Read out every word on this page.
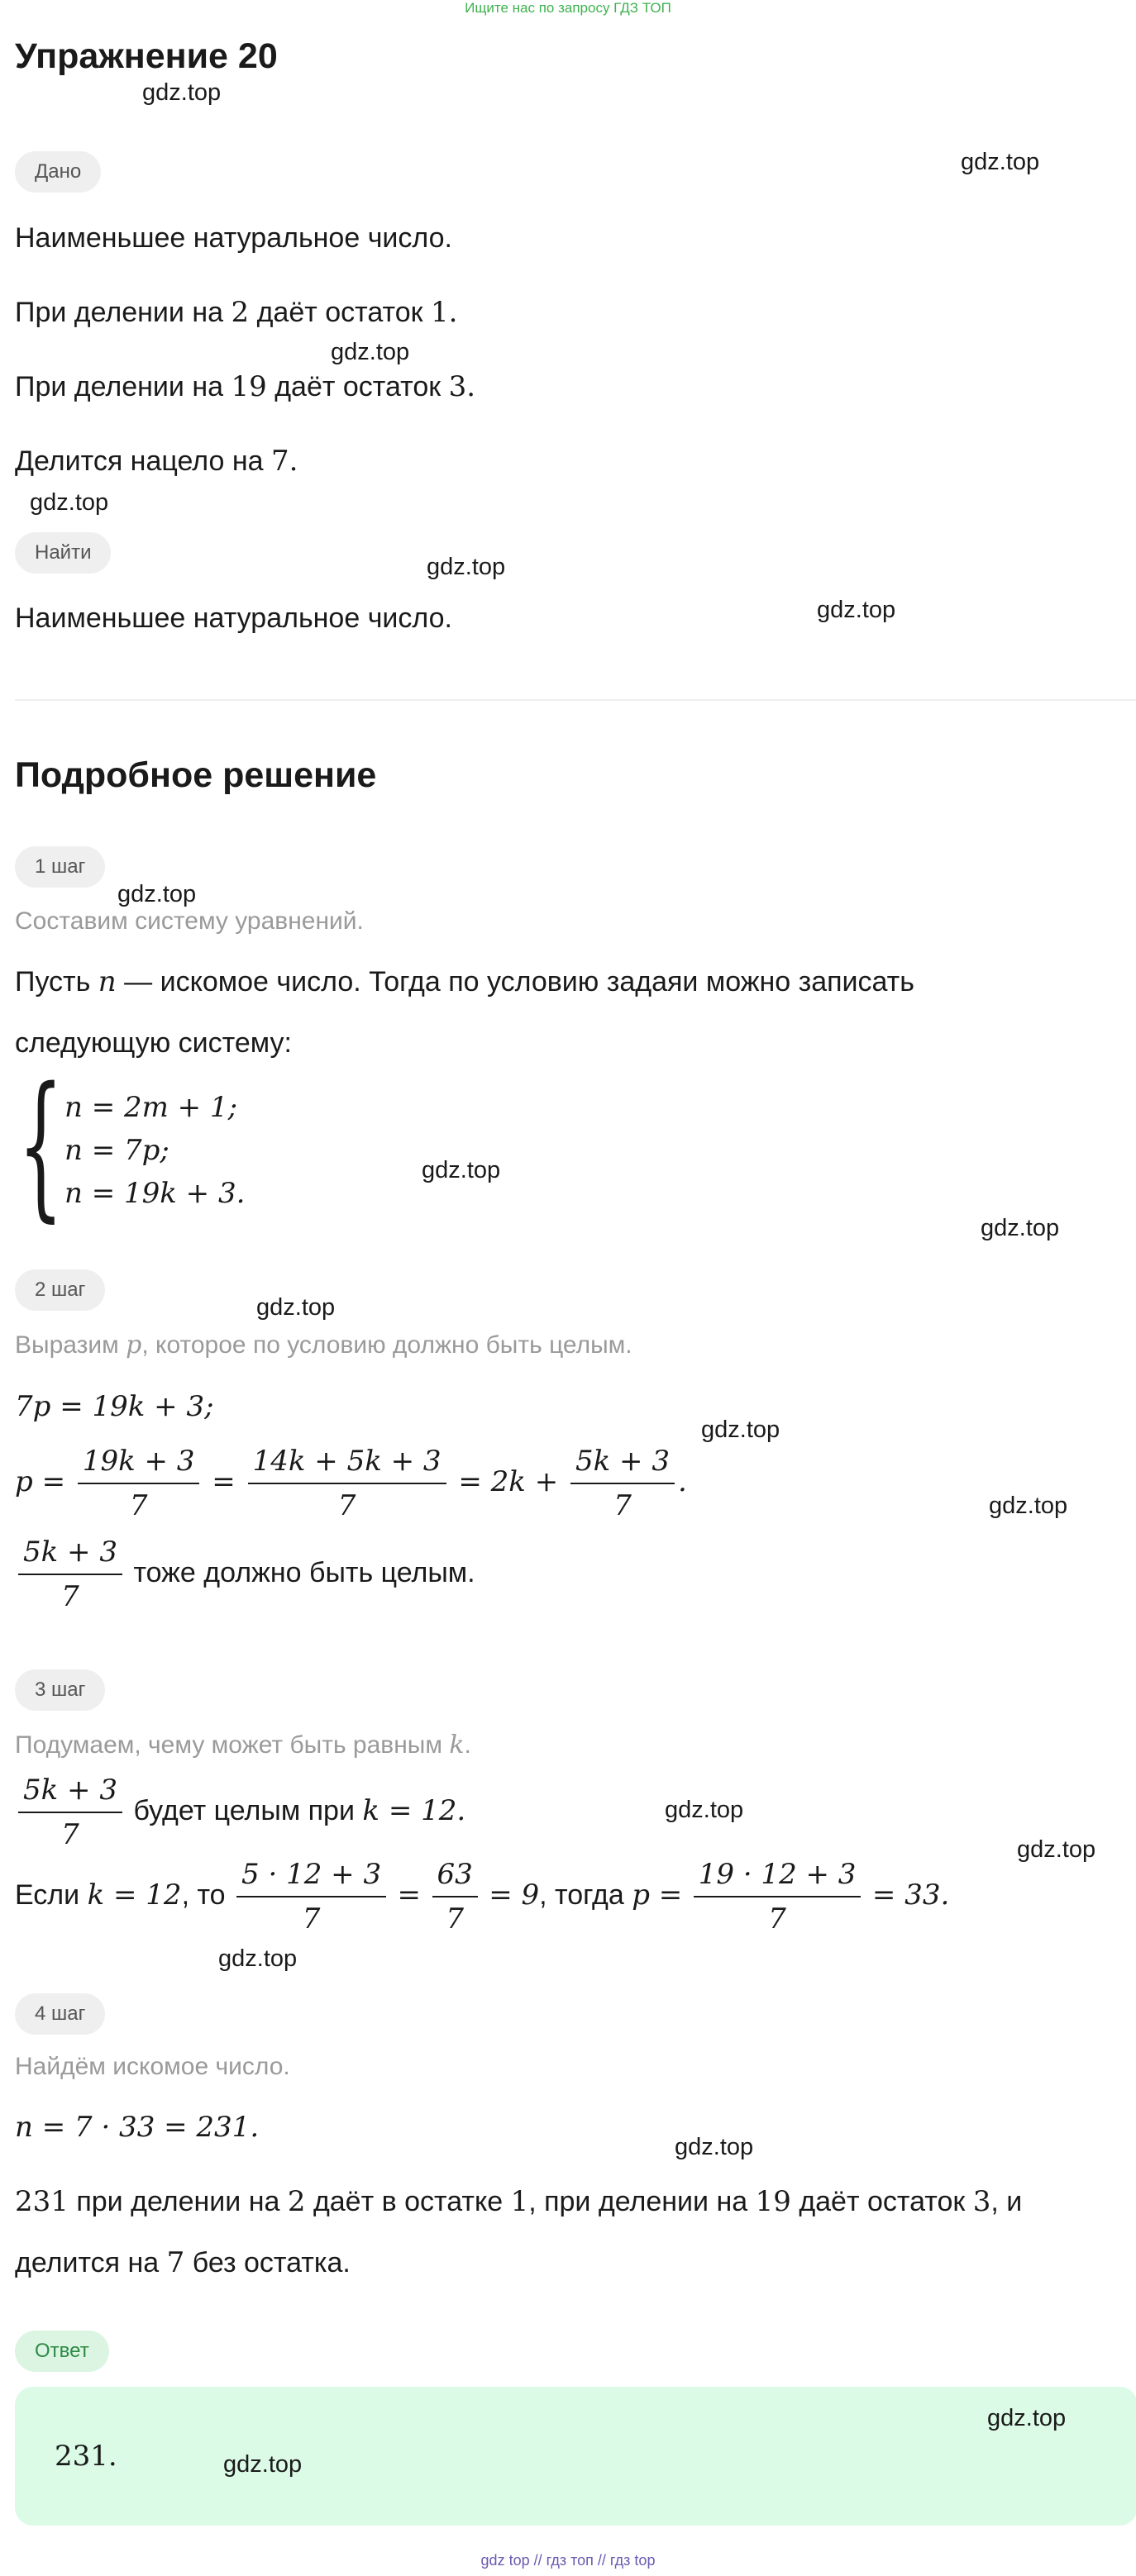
Ищите нас по запросу ГДЗ ТОП
Упражнение 20
Дано
Наименьшее натуральное число.
При делении на 2 даёт остаток 1.
При делении на 19 даёт остаток 3.
Делится нацело на 7.
Найти
Наименьшее натуральное число.
Подробное решение
1 шаг
Составим систему уравнений.
Пусть n — искомое число. Тогда по условию задаяи можно записать
следующую систему:
{ n = 2m + 1;
n = 7p;
n = 19k + 3.
2 шаг
Выразим p, которое по условию должно быть целым.
7p = 19k + 3;
$p = \frac{19k + 3}{7} = \frac{14k + 5k + 3}{7} = 2k + \frac{5k + 3}{7}$ .
$\frac{5k + 3}{7}$ тоже должно быть целым.
3 шаг
Подумаем, чему может быть равным k.
$\frac{5k + 3}{7}$ будет целым при k = 12.
Если k = 12, то $\frac{5 \cdot 12 + 3}{7} = \frac{63}{7} = 9$, тогда $p = \frac{19 \cdot 12 + 3}{7} = 33$.
4 шаг
Найдём искомое число.
n = 7 · 33 = 231.
231 при делении на 2 даёт в остатке 1, при делении на 19 даёт остаток 3, и
делится на 7 без остатка.
Ответ
231.
gdz.top
gdz.top
gdz.top
gdz.top
gdz.top
gdz.top
gdz.top
gdz.top
gdz.top
gdz.top
gdz.top
gdz.top
gdz.top
gdz.top
gdz.top
gdz.top
gdz.top
gdz.top
gdz top // гдз топ // гдз top
